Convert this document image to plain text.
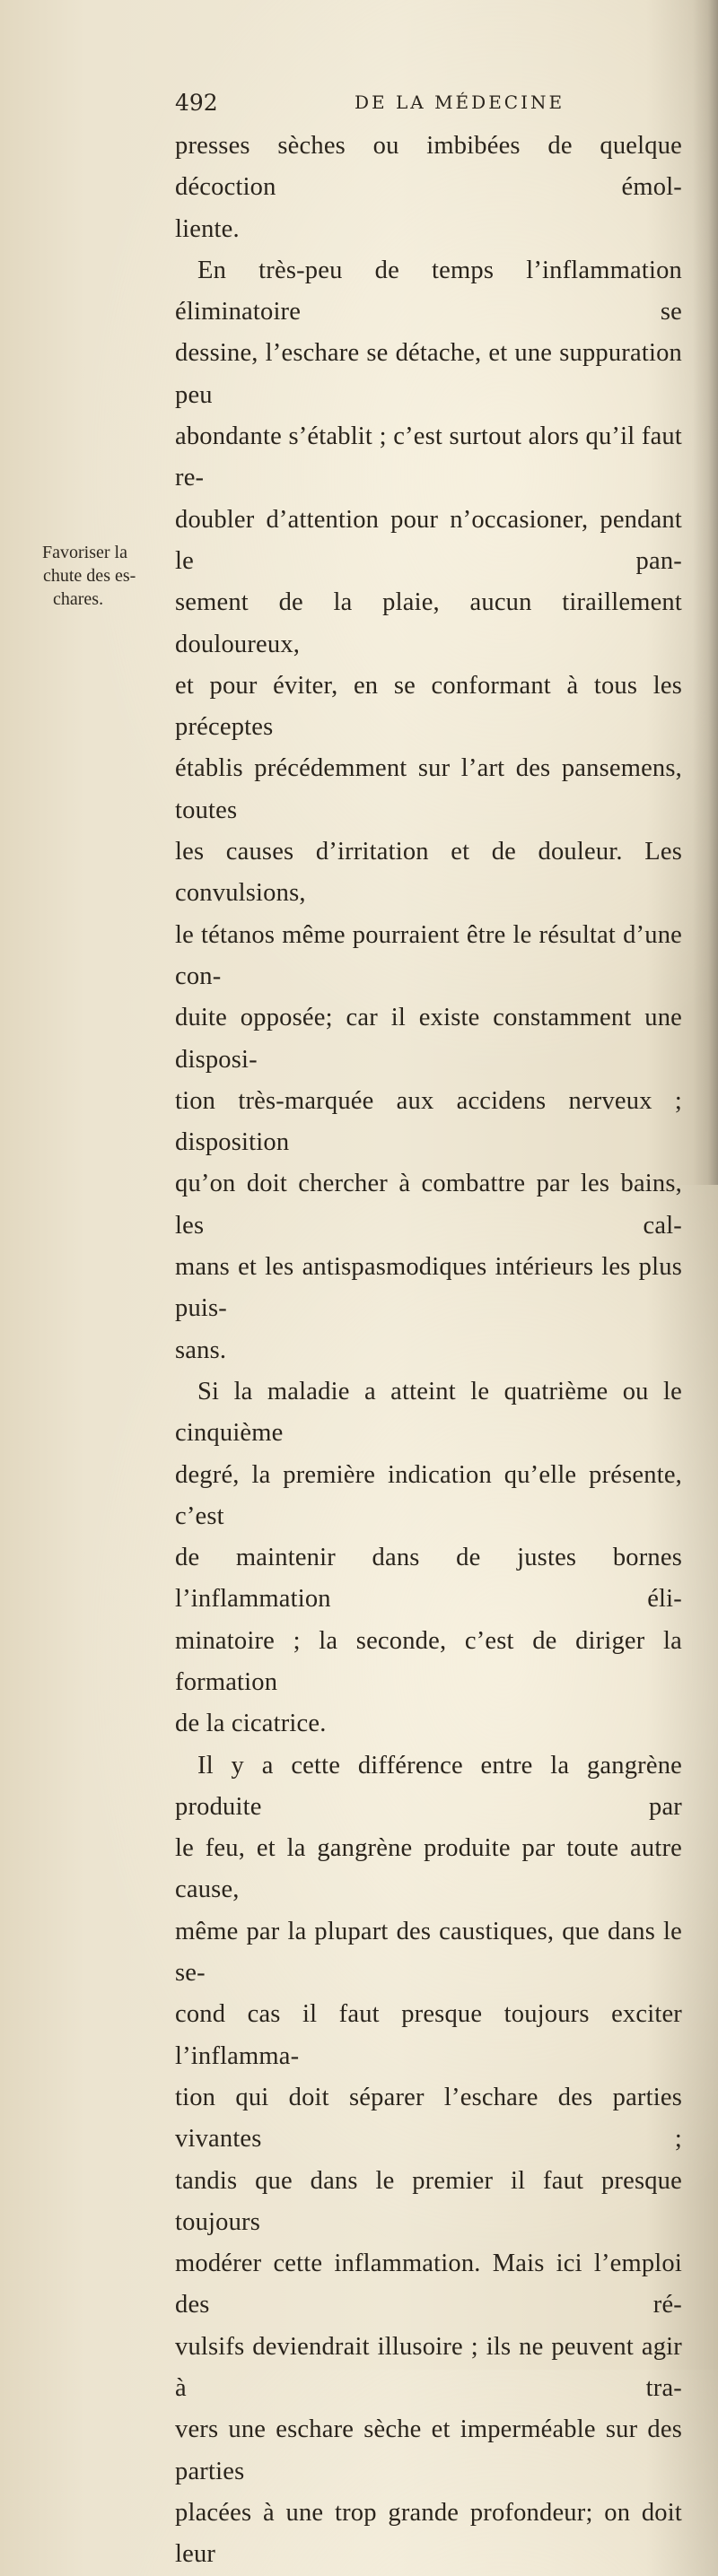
492	DE LA MÉDECINE
Favoriser la
chute des es-
chares.

presses sèches ou imbibées de quelque décoction émol-

liente.

En très-peu de temps l’inflammation éliminatoire se

dessine, l’eschare se détache, et une suppuration peu

abondante s’établit ; c’est surtout alors qu’il faut re-

doubler d’attention pour n’occasioner, pendant le pan-

sement de la plaie, aucun tiraillement douloureux,

et pour éviter, en se conformant à tous les préceptes

établis précédemment sur l’art des pansemens, toutes

les causes d’irritation et de douleur. Les convulsions,

le tétanos même pourraient être le résultat d’une con-

duite opposée; car il existe constamment une disposi-

tion très-marquée aux accidens nerveux ; disposition

qu’on doit chercher à combattre par les bains, les cal-

mans et les antispasmodiques intérieurs les plus puis-

sans.

Si la maladie a atteint le quatrième ou le cinquième

degré, la première indication qu’elle présente, c’est

de maintenir dans de justes bornes l’inflammation éli-

minatoire ; la seconde, c’est de diriger la formation

de la cicatrice.

Il y a cette différence entre la gangrène produite par

le feu, et la gangrène produite par toute autre cause,

même par la plupart des caustiques, que dans le se-

cond cas il faut presque toujours exciter l’inflamma-

tion qui doit séparer l’eschare des parties vivantes ;

tandis que dans le premier il faut presque toujours

modérer cette inflammation. Mais ici l’emploi des ré-

vulsifs deviendrait illusoire ; ils ne peuvent agir à tra-

vers une eschare sèche et imperméable sur des parties

placées à une trop grande profondeur; on doit leur
